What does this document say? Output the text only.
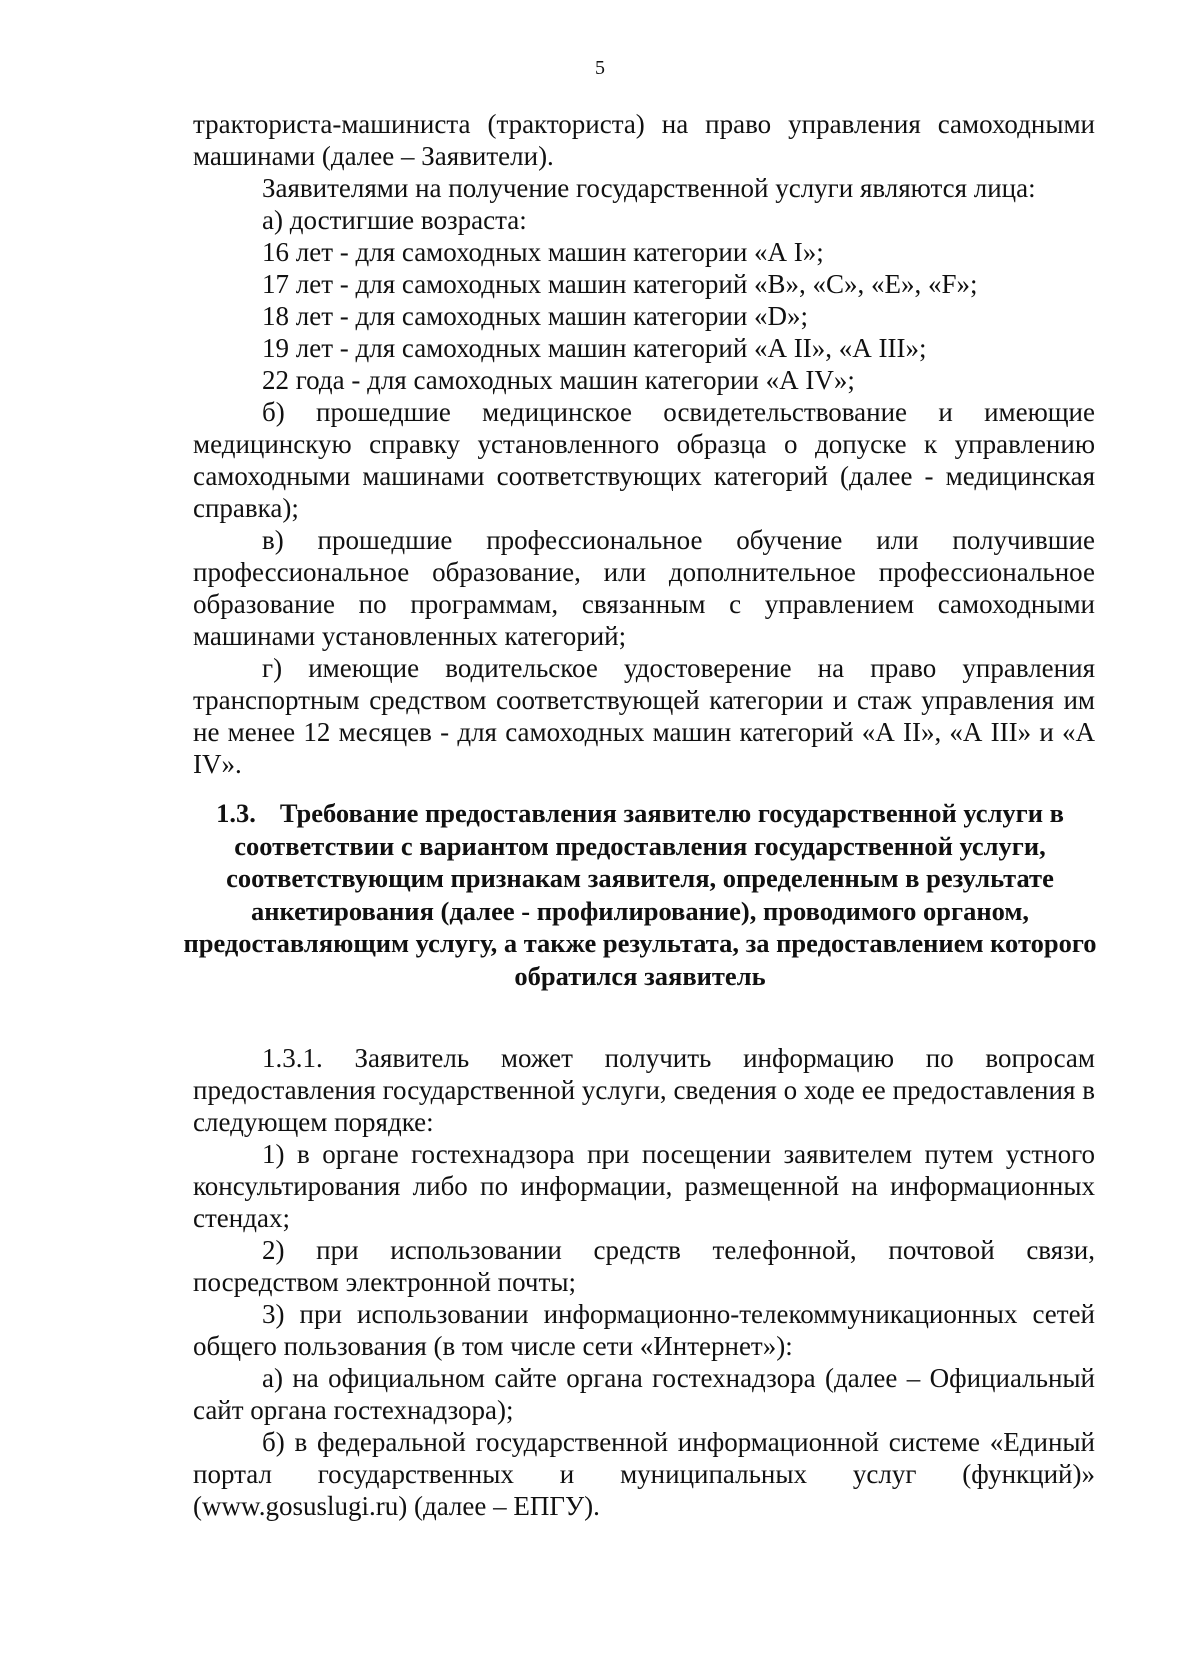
5

тракториста-машиниста (тракториста) на право управления самоходными машинами (далее – Заявители).

Заявителями на получение государственной услуги являются лица:

а) достигшие возраста:

16 лет - для самоходных машин категории «А I»;

17 лет - для самоходных машин категорий «В», «С», «Е», «F»;

18 лет - для самоходных машин категории «D»;

19 лет - для самоходных машин категорий «А II», «А III»;

22 года - для самоходных машин категории «А IV»;

б) прошедшие медицинское освидетельствование и имеющие медицинскую справку установленного образца о допуске к управлению самоходными машинами соответствующих категорий (далее - медицинская справка);

в) прошедшие профессиональное обучение или получившие профессиональное образование, или дополнительное профессиональное образование по программам, связанным с управлением самоходными машинами установленных категорий;

г) имеющие водительское удостоверение на право управления транспортным средством соответствующей категории и стаж управления им не менее 12 месяцев - для самоходных машин категорий «А II», «А III» и «А IV».

1.3. Требование предоставления заявителю государственной услуги в соответствии с вариантом предоставления государственной услуги, соответствующим признакам заявителя, определенным в результате анкетирования (далее - профилирование), проводимого органом, предоставляющим услугу, а также результата, за предоставлением которого обратился заявитель

1.3.1. Заявитель может получить информацию по вопросам предоставления государственной услуги, сведения о ходе ее предоставления в следующем порядке:

1) в органе гостехнадзора при посещении заявителем путем устного консультирования либо по информации, размещенной на информационных стендах;

2) при использовании средств телефонной, почтовой связи, посредством электронной почты;

3) при использовании информационно-телекоммуникационных сетей общего пользования (в том числе сети «Интернет»):

а) на официальном сайте органа гостехнадзора (далее – Официальный сайт органа гостехнадзора);

б) в федеральной государственной информационной системе «Единый портал государственных и муниципальных услуг (функций)» (www.gosuslugi.ru) (далее – ЕПГУ).
